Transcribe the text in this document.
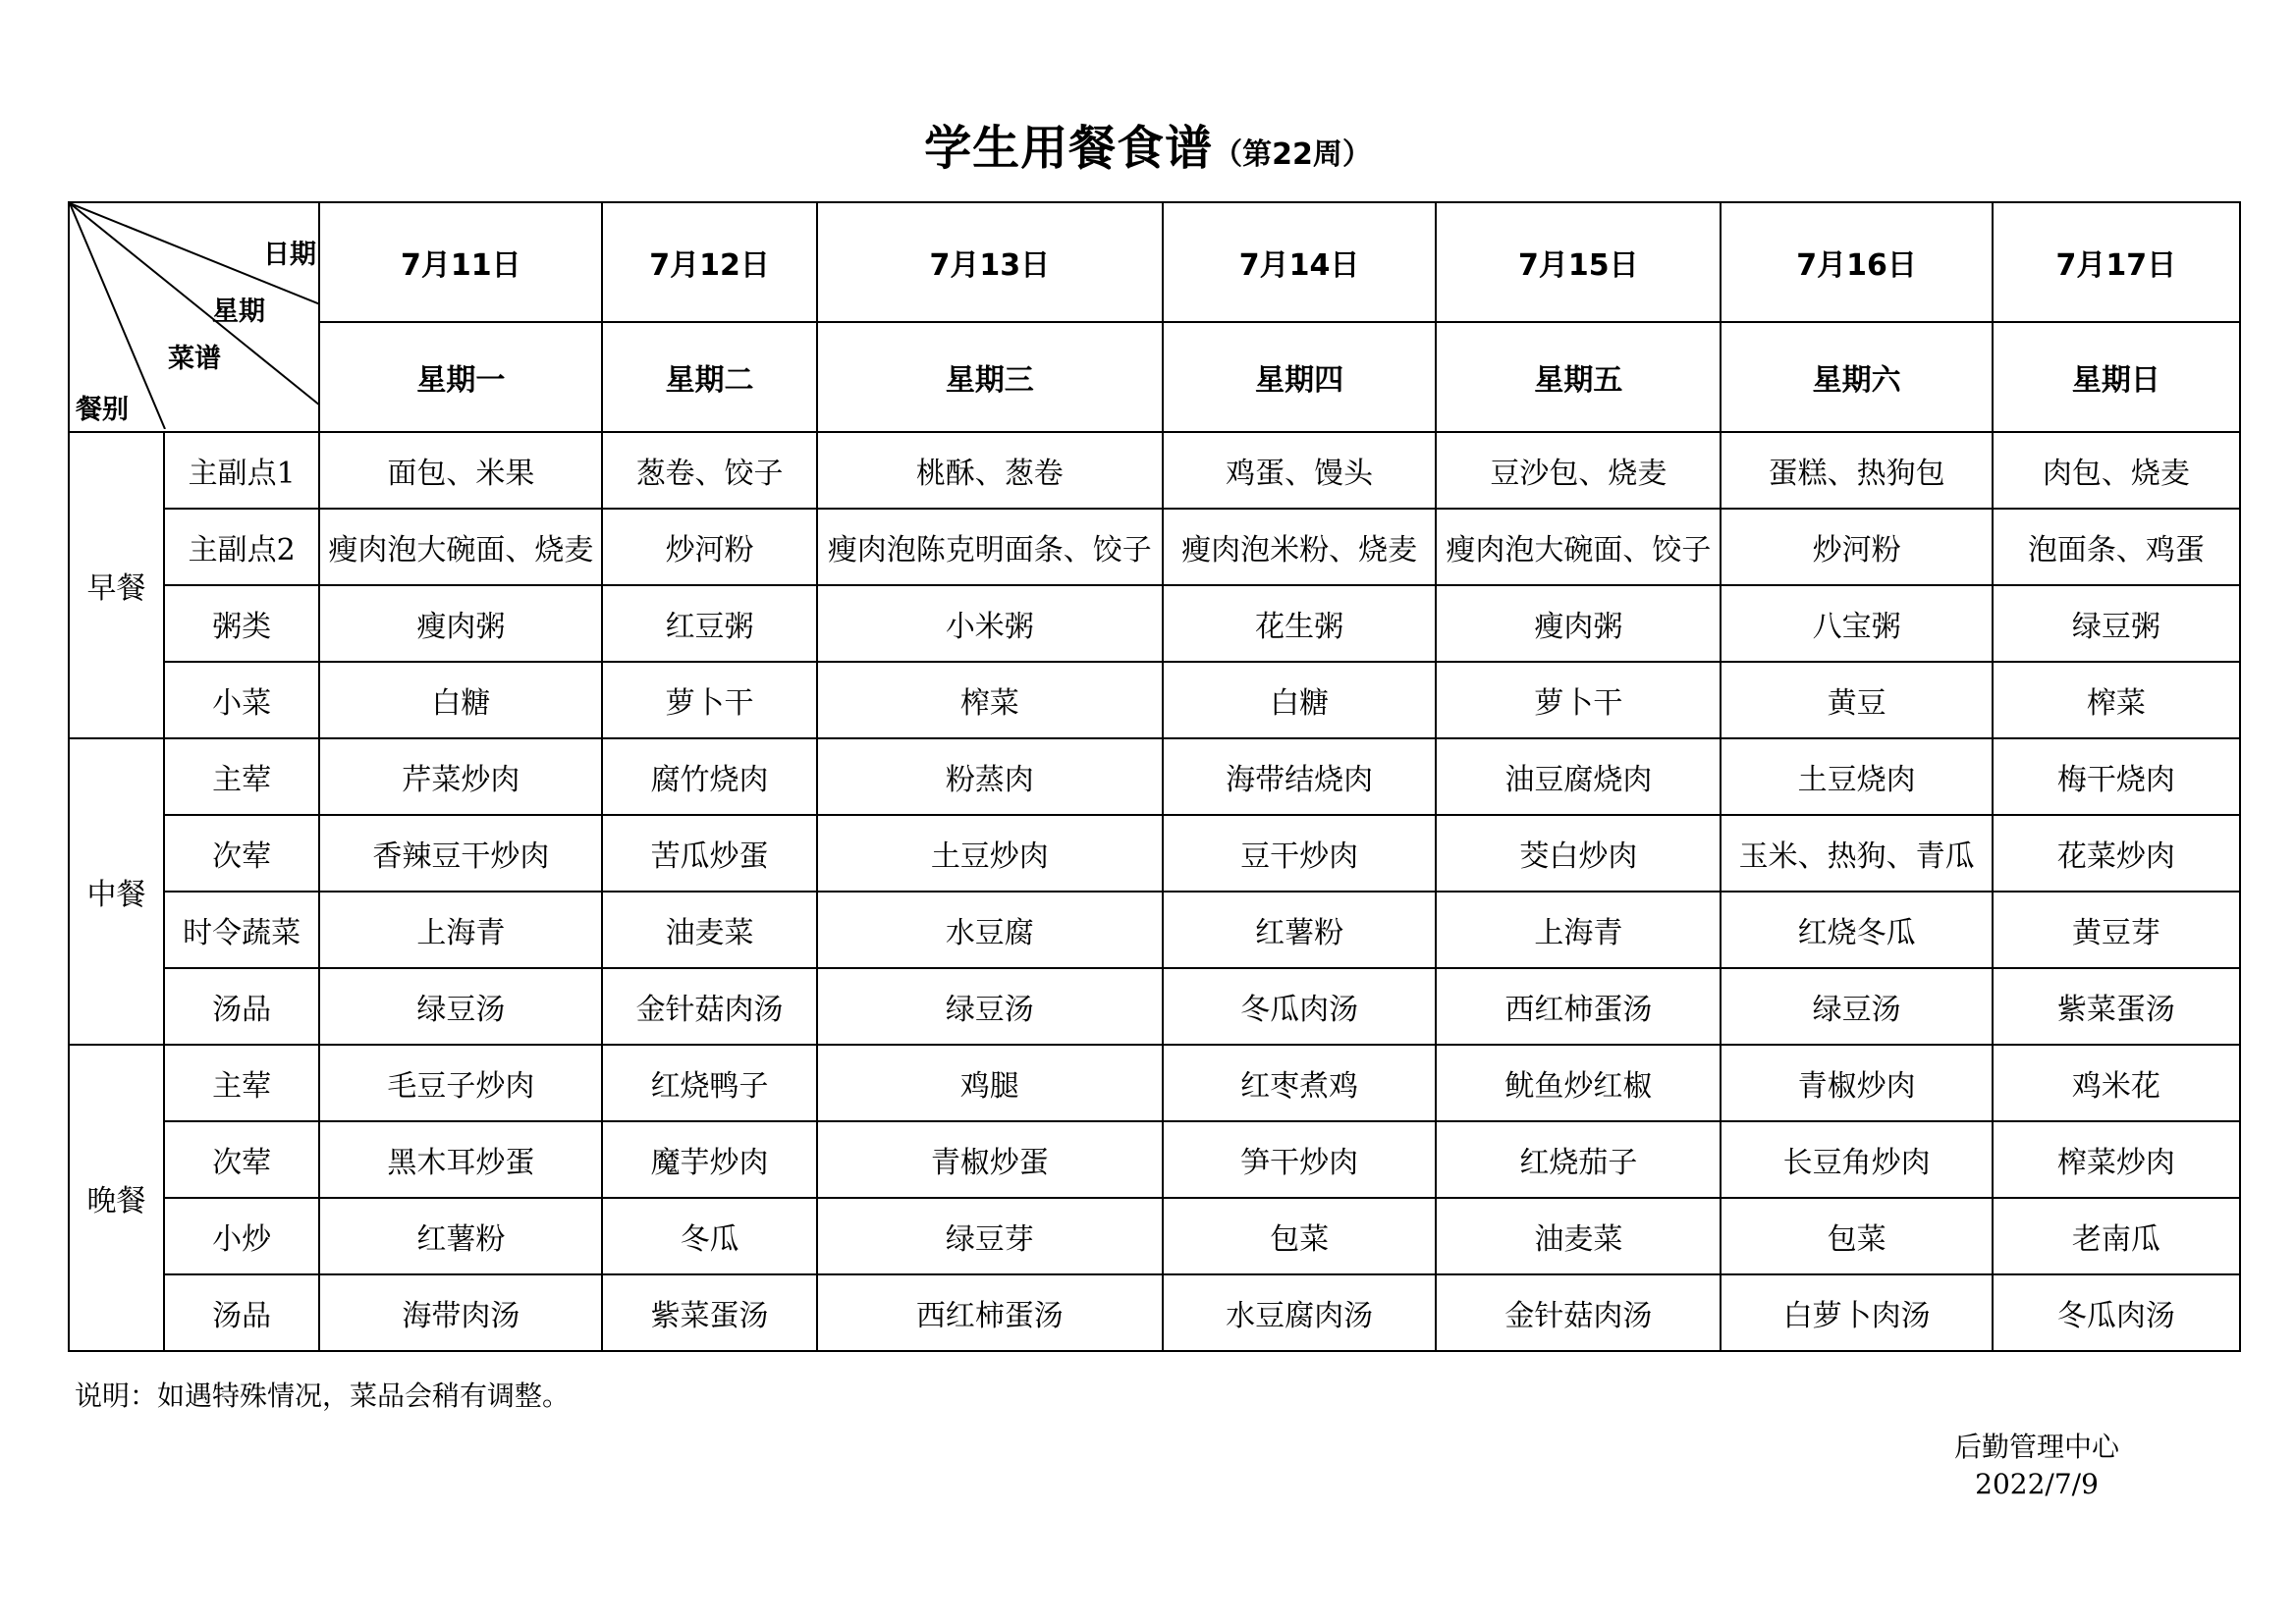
学生用餐食谱（第22周）
日期
星期
菜谱
餐别		7月11日	7月12日	7月13日	7月14日	7月15日	7月16日	7月17日
		星期一	星期二	星期三	星期四	星期五	星期六	星期日
早餐	主副点1	面包、米果	葱卷、饺子	桃酥、葱卷	鸡蛋、馒头	豆沙包、烧麦	蛋糕、热狗包	肉包、烧麦
	主副点2	瘦肉泡大碗面、烧麦	炒河粉	瘦肉泡陈克明面条、饺子	瘦肉泡米粉、烧麦	瘦肉泡大碗面、饺子	炒河粉	泡面条、鸡蛋
	粥类	瘦肉粥	红豆粥	小米粥	花生粥	瘦肉粥	八宝粥	绿豆粥
	小菜	白糖	萝卜干	榨菜	白糖	萝卜干	黄豆	榨菜
中餐	主荤	芹菜炒肉	腐竹烧肉	粉蒸肉	海带结烧肉	油豆腐烧肉	土豆烧肉	梅干烧肉
	次荤	香辣豆干炒肉	苦瓜炒蛋	土豆炒肉	豆干炒肉	茭白炒肉	玉米、热狗、青瓜	花菜炒肉
	时令蔬菜	上海青	油麦菜	水豆腐	红薯粉	上海青	红烧冬瓜	黄豆芽
	汤品	绿豆汤	金针菇肉汤	绿豆汤	冬瓜肉汤	西红柿蛋汤	绿豆汤	紫菜蛋汤
晚餐	主荤	毛豆子炒肉	红烧鸭子	鸡腿	红枣煮鸡	鱿鱼炒红椒	青椒炒肉	鸡米花
	次荤	黑木耳炒蛋	魔芋炒肉	青椒炒蛋	笋干炒肉	红烧茄子	长豆角炒肉	榨菜炒肉
	小炒	红薯粉	冬瓜	绿豆芽	包菜	油麦菜	包菜	老南瓜
	汤品	海带肉汤	紫菜蛋汤	西红柿蛋汤	水豆腐肉汤	金针菇肉汤	白萝卜肉汤	冬瓜肉汤
说明：如遇特殊情况，菜品会稍有调整。
后勤管理中心
2022/7/9
